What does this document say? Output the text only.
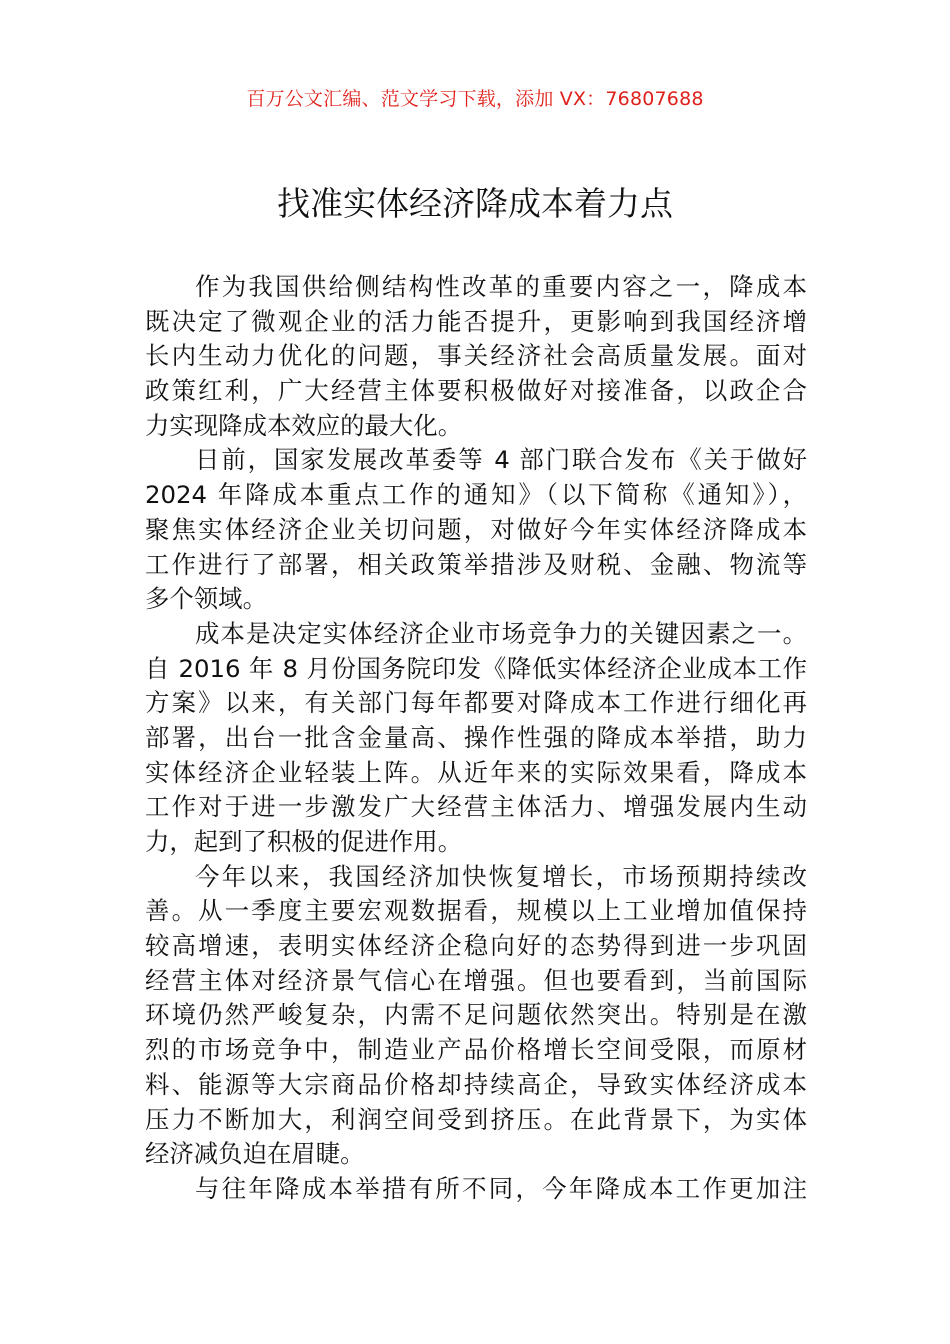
百万公文汇编、范文学习下载，添加 VX：76807688
找准实体经济降成本着力点
作为我国供给侧结构性改革的重要内容之一，降成本
既决定了微观企业的活力能否提升，更影响到我国经济增
长内生动力优化的问题，事关经济社会高质量发展。面对
政策红利，广大经营主体要积极做好对接准备，以政企合
力实现降成本效应的最大化。
日前，国家发展改革委等 4 部门联合发布《关于做好
2024 年降成本重点工作的通知》（以下简称《通知》），
聚焦实体经济企业关切问题，对做好今年实体经济降成本
工作进行了部署，相关政策举措涉及财税、金融、物流等
多个领域。
成本是决定实体经济企业市场竞争力的关键因素之一。
自 2016 年 8 月份国务院印发《降低实体经济企业成本工作
方案》以来，有关部门每年都要对降成本工作进行细化再
部署，出台一批含金量高、操作性强的降成本举措，助力
实体经济企业轻装上阵。从近年来的实际效果看，降成本
工作对于进一步激发广大经营主体活力、增强发展内生动
力，起到了积极的促进作用。
今年以来，我国经济加快恢复增长，市场预期持续改
善。从一季度主要宏观数据看，规模以上工业增加值保持
较高增速，表明实体经济企稳向好的态势得到进一步巩固
经营主体对经济景气信心在增强。但也要看到，当前国际
环境仍然严峻复杂，内需不足问题依然突出。特别是在激
烈的市场竞争中，制造业产品价格增长空间受限，而原材
料、能源等大宗商品价格却持续高企，导致实体经济成本
压力不断加大，利润空间受到挤压。在此背景下，为实体
经济减负迫在眉睫。
与往年降成本举措有所不同，今年降成本工作更加注
